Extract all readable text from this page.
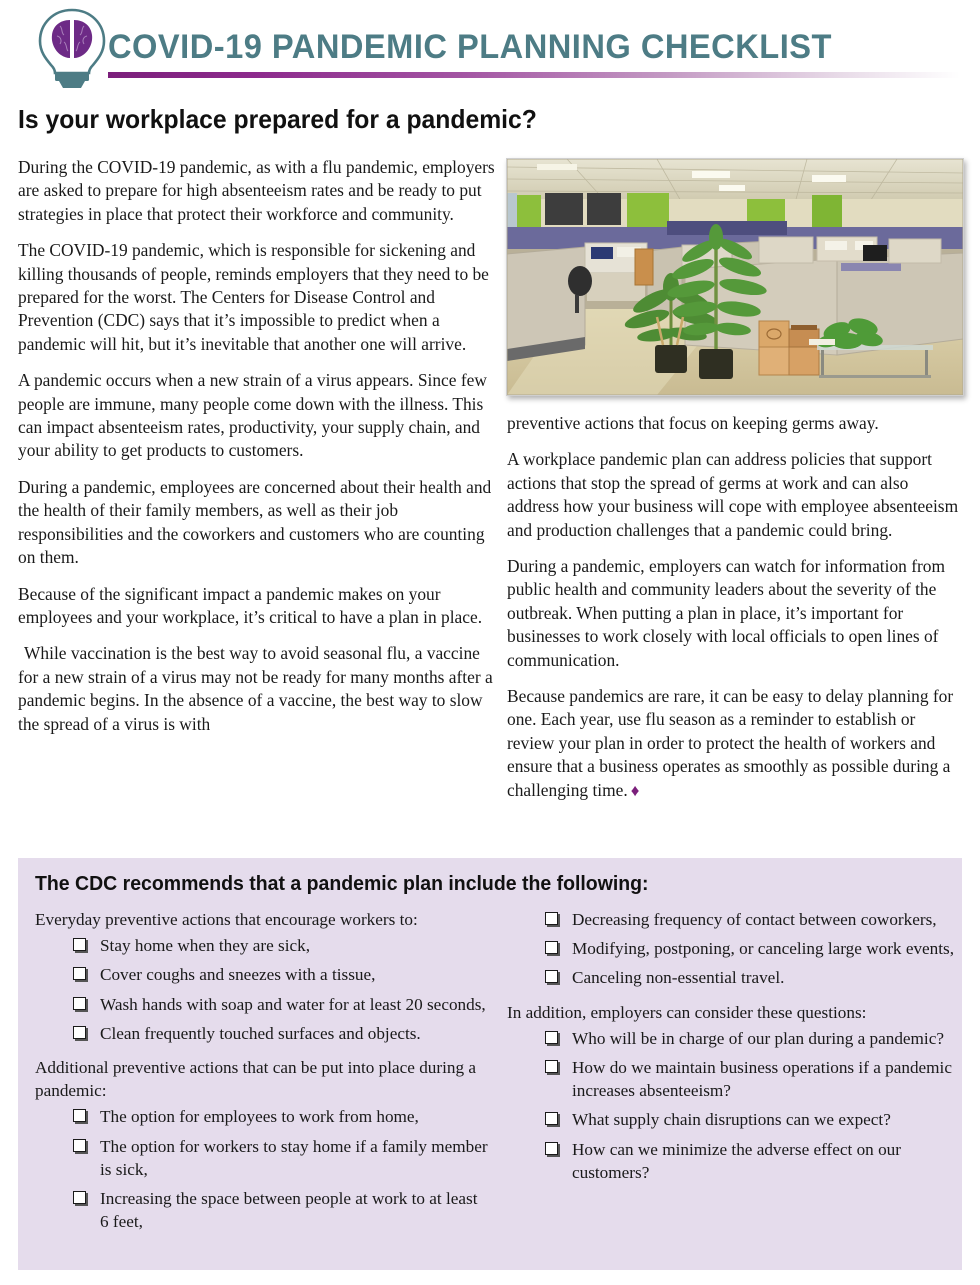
COVID-19 PANDEMIC PLANNING CHECKLIST
Is your workplace prepared for a pandemic?

During the COVID-19 pandemic, as with a flu pandemic, employers are asked to prepare for high absenteeism rates and be ready to put strategies in place that protect their workforce and community.

The COVID-19 pandemic, which is responsible for sickening and killing thousands of people, reminds employers that they need to be prepared for the worst. The Centers for Disease Control and Prevention (CDC) says that it’s impossible to predict when a pandemic will hit, but it’s inevitable that another one will arrive.

A pandemic occurs when a new strain of a virus appears. Since few people are immune, many people come down with the illness. This can impact absenteeism rates, productivity, your supply chain, and your ability to get products to customers.

During a pandemic, employees are concerned about their health and the health of their family members, as well as their job responsibilities and the coworkers and customers who are counting on them.

Because of the significant impact a pandemic makes on your employees and your workplace, it’s critical to have a plan in place.

While vaccination is the best way to avoid seasonal flu, a vaccine for a new strain of a virus may not be ready for many months after a pandemic begins. In the absence of a vaccine, the best way to slow the spread of a virus is with

preventive actions that focus on keeping germs away.

A workplace pandemic plan can address policies that support actions that stop the spread of germs at work and can also address how your business will cope with employee absenteeism and production challenges that a pandemic could bring.

During a pandemic, employers can watch for information from public health and community leaders about the severity of the outbreak. When putting a plan in place, it’s important for businesses to work closely with local officials to open lines of communication.

Because pandemics are rare, it can be easy to delay planning for one. Each year, use flu season as a reminder to establish or review your plan in order to protect the health of workers and ensure that a business operates as smoothly as possible during a challenging time. ♦

The CDC recommends that a pandemic plan include the following:

Everyday preventive actions that encourage workers to:

Stay home when they are sick,
Cover coughs and sneezes with a tissue,
Wash hands with soap and water for at least 20 seconds,
Clean frequently touched surfaces and objects.

Additional preventive actions that can be put into place during a pandemic:

The option for employees to work from home,
The option for workers to stay home if a family member is sick,
Increasing the space between people at work to at least 6 feet,
Decreasing frequency of contact between coworkers,
Modifying, postponing, or canceling large work events,
Canceling non-essential travel.

In addition, employers can consider these questions:

Who will be in charge of our plan during a pandemic?
How do we maintain business operations if a pandemic increases absenteeism?
What supply chain disruptions can we expect?
How can we minimize the adverse effect on our customers?
